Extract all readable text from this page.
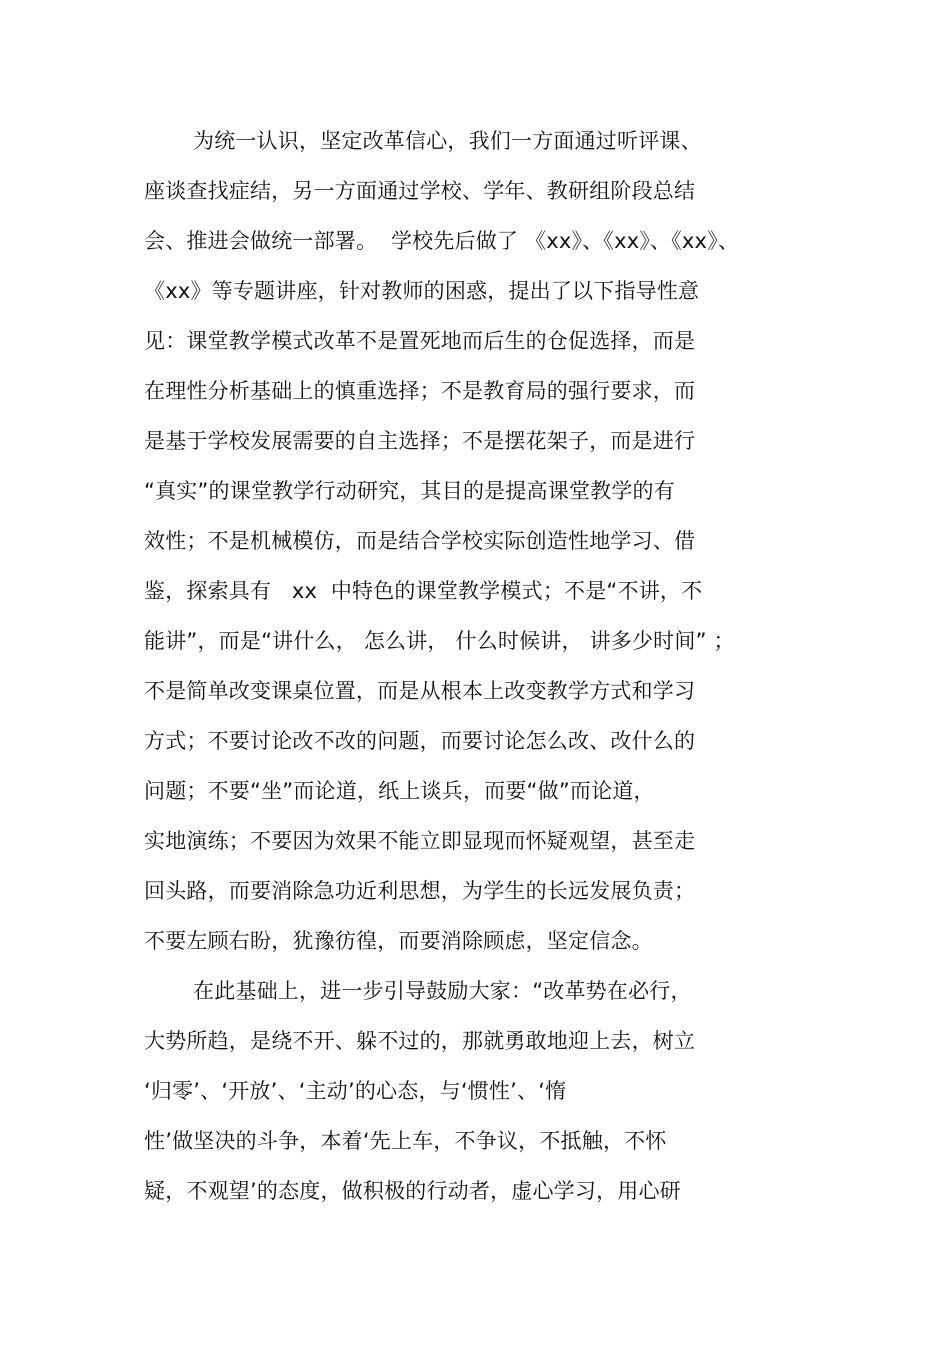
为统一认识，坚定改革信心，我们一方面通过听评课、
座谈查找症结，另一方面通过学校、学年、教研组阶段总结
会、推进会做统一部署。  学校先后做了 《xx》、《xx》、《xx》、
《xx》等专题讲座，针对教师的困惑，提出了以下指导性意
见：课堂教学模式改革不是置死地而后生的仓促选择，而是
在理性分析基础上的慎重选择；不是教育局的强行要求，而
是基于学校发展需要的自主选择；不是摆花架子，而是进行
“真实”的课堂教学行动研究，其目的是提高课堂教学的有
效性；不是机械模仿，而是结合学校实际创造性地学习、借
鉴，探索具有   xx  中特色的课堂教学模式；不是“不讲，不
能讲”，而是“讲什么， 怎么讲， 什么时候讲， 讲多少时间” ；
不是简单改变课桌位置，而是从根本上改变教学方式和学习
方式；不要讨论改不改的问题，而要讨论怎么改、改什么的
问题；不要“坐”而论道，纸上谈兵，而要“做”而论道，
实地演练；不要因为效果不能立即显现而怀疑观望，甚至走
回头路，而要消除急功近利思想，为学生的长远发展负责；
不要左顾右盼，犹豫彷徨，而要消除顾虑，坚定信念。
在此基础上，进一步引导鼓励大家：“改革势在必行，
大势所趋，是绕不开、躲不过的，那就勇敢地迎上去，树立
‘归零’、‘开放’、‘主动’的心态，与‘惯性’、‘惰
性’做坚决的斗争，本着‘先上车，不争议，不抵触，不怀
疑，不观望’的态度，做积极的行动者，虚心学习，用心研
